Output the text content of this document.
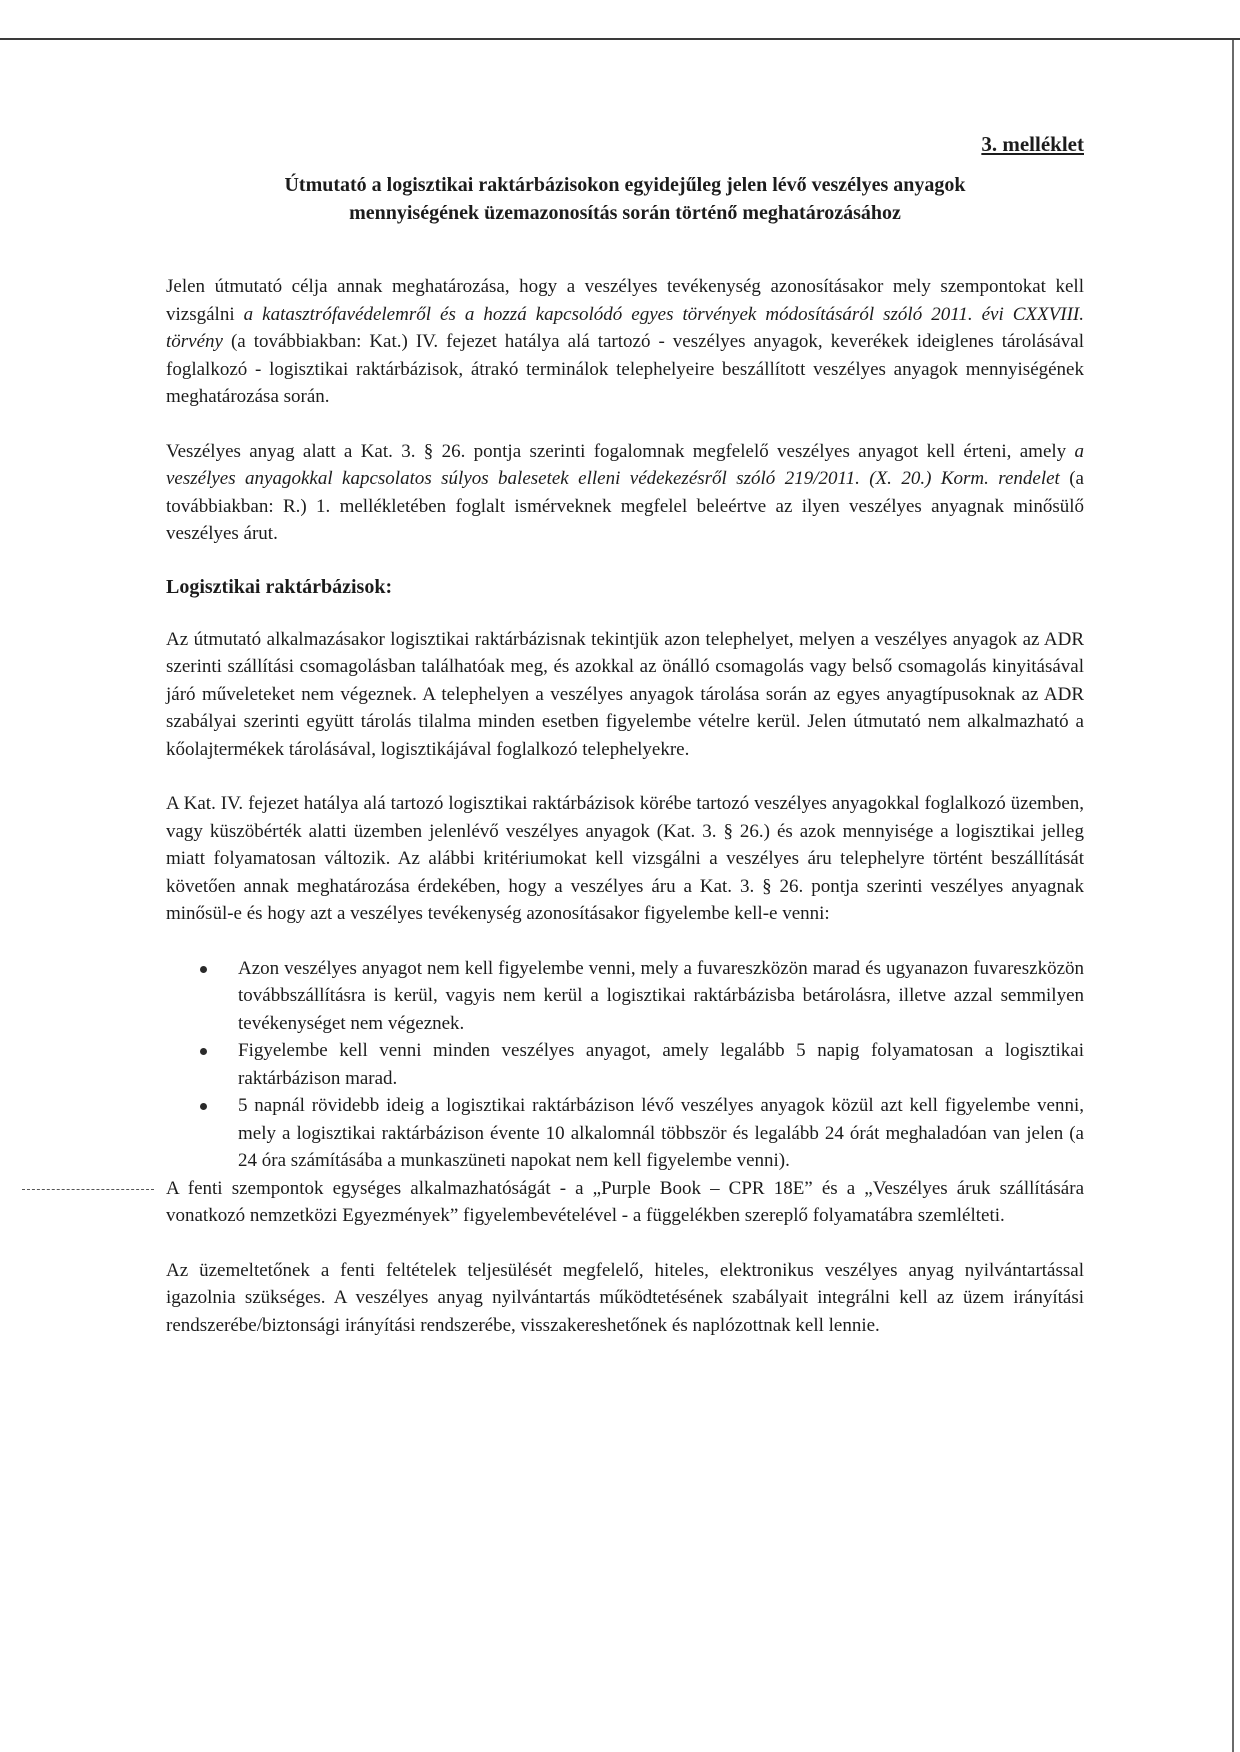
3. melléklet
Útmutató a logisztikai raktárbázisokon egyidejűleg jelen lévő veszélyes anyagok
mennyiségének üzemazonosítás során történő meghatározásához

Jelen útmutató célja annak meghatározása, hogy a veszélyes tevékenység azonosításakor mely szempontokat kell vizsgálni a katasztrófavédelemről és a hozzá kapcsolódó egyes törvények módosításáról szóló 2011. évi CXXVIII. törvény (a továbbiakban: Kat.) IV. fejezet hatálya alá tartozó - veszélyes anyagok, keverékek ideiglenes tárolásával foglalkozó - logisztikai raktárbázisok, átrakó terminálok telephelyeire beszállított veszélyes anyagok mennyiségének meghatározása során.

Veszélyes anyag alatt a Kat. 3. § 26. pontja szerinti fogalomnak megfelelő veszélyes anyagot kell érteni, amely a veszélyes anyagokkal kapcsolatos súlyos balesetek elleni védekezésről szóló 219/2011. (X. 20.) Korm. rendelet (a továbbiakban: R.) 1. mellékletében foglalt ismérveknek megfelel beleértve az ilyen veszélyes anyagnak minősülő veszélyes árut.

Logisztikai raktárbázisok:

Az útmutató alkalmazásakor logisztikai raktárbázisnak tekintjük azon telephelyet, melyen a veszélyes anyagok az ADR szerinti szállítási csomagolásban találhatóak meg, és azokkal az önálló csomagolás vagy belső csomagolás kinyitásával járó műveleteket nem végeznek. A telephelyen a veszélyes anyagok tárolása során az egyes anyagtípusoknak az ADR szabályai szerinti együtt tárolás tilalma minden esetben figyelembe vételre kerül. Jelen útmutató nem alkalmazható a kőolajtermékek tárolásával, logisztikájával foglalkozó telephelyekre.

A Kat. IV. fejezet hatálya alá tartozó logisztikai raktárbázisok körébe tartozó veszélyes anyagokkal foglalkozó üzemben, vagy küszöbérték alatti üzemben jelenlévő veszélyes anyagok (Kat. 3. § 26.) és azok mennyisége a logisztikai jelleg miatt folyamatosan változik. Az alábbi kritériumokat kell vizsgálni a veszélyes áru telephelyre történt beszállítását követően annak meghatározása érdekében, hogy a veszélyes áru a Kat. 3. § 26. pontja szerinti veszélyes anyagnak minősül-e és hogy azt a veszélyes tevékenység azonosításakor figyelembe kell-e venni:

Azon veszélyes anyagot nem kell figyelembe venni, mely a fuvareszközön marad és ugyanazon fuvareszközön továbbszállításra is kerül, vagyis nem kerül a logisztikai raktárbázisba betárolásra, illetve azzal semmilyen tevékenységet nem végeznek.
Figyelembe kell venni minden veszélyes anyagot, amely legalább 5 napig folyamatosan a logisztikai raktárbázison marad.
5 napnál rövidebb ideig a logisztikai raktárbázison lévő veszélyes anyagok közül azt kell figyelembe venni, mely a logisztikai raktárbázison évente 10 alkalomnál többször és legalább 24 órát meghaladóan van jelen (a 24 óra számításába a munkaszüneti napokat nem kell figyelembe venni).

A fenti szempontok egységes alkalmazhatóságát - a „Purple Book – CPR 18E” és a „Veszélyes áruk szállítására vonatkozó nemzetközi Egyezmények” figyelembevételével - a függelékben szereplő folyamatábra szemlélteti.

Az üzemeltetőnek a fenti feltételek teljesülését megfelelő, hiteles, elektronikus veszélyes anyag nyilvántartással igazolnia szükséges. A veszélyes anyag nyilvántartás működtetésének szabályait integrálni kell az üzem irányítási rendszerébe/biztonsági irányítási rendszerébe, visszakereshetőnek és naplózottnak kell lennie.
